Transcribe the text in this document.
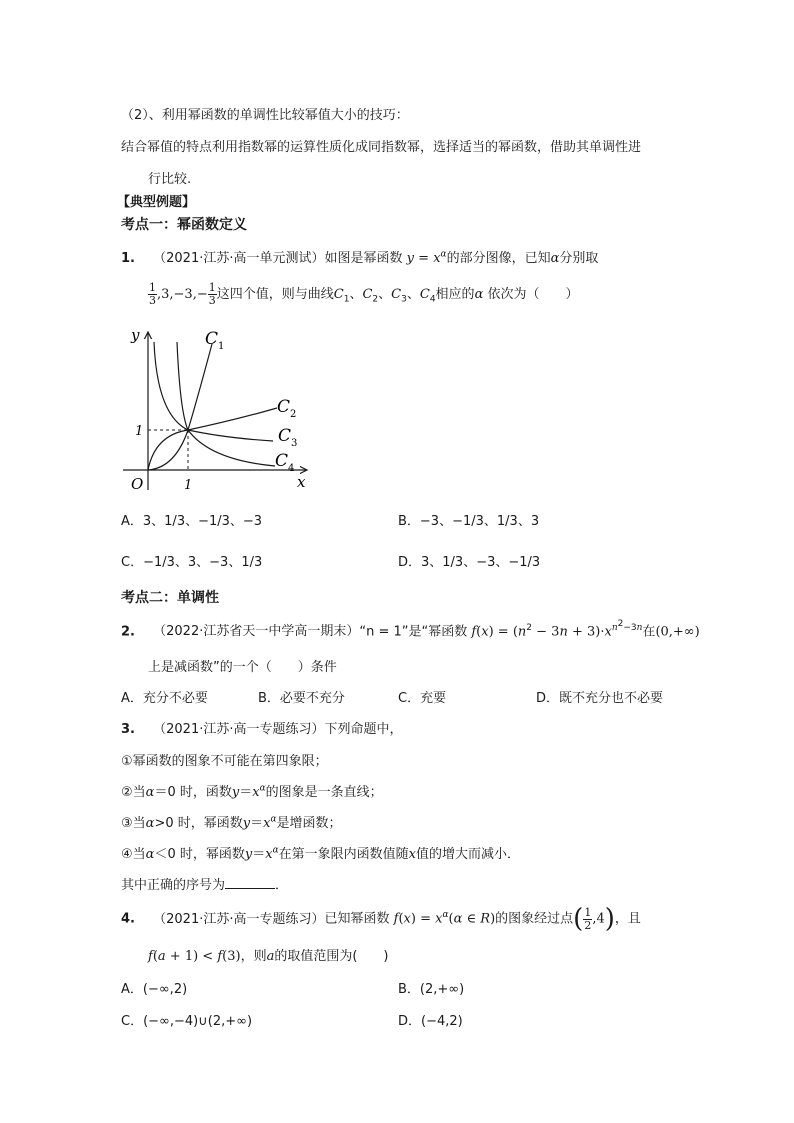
（2）、利用幂函数的单调性比较幂值大小的技巧：
结合幂值的特点利用指数幂的运算性质化成同指数幂，选择适当的幂函数，借助其单调性进
行比较.
【典型例题】
考点一：幂函数定义
1. （2021·江苏·高一单元测试）如图是幂函数 $y = x^\alpha$的部分图像，已知α分别取
$\frac{1}{3} ,3,-3,- \frac{1}{3}$ 这四个值，则与曲线$C_1$、$C_2$、$C_3$、$C_4$相应的α 依次为（　　）
y
x
O	1
1
$C_1$
$C_2$
$C_3$
$C_4$
A．3、1/3、−1/3、−3	B．−3、−1/3、1/3、3
C．−1/3、3、−3、1/3	D．3、1/3、−3、−1/3
考点二：单调性
2. （2022·江苏省天一中学高一期末）“n = 1”是“幂函数 $f(x) = (n^2 - 3n + 3)\cdot x^{n^2-3n}$在(0,+∞)
上是减函数”的一个（　　）条件
A．充分不必要	B．必要不充分	C．充要	D．既不充分也不必要
3. （2021·江苏·高一专题练习）下列命题中，
①幂函数的图象不可能在第四象限；
②当α＝0 时，函数$y=x^\alpha$的图象是一条直线；
③当α>0 时，幂函数$y=x^\alpha$是增函数；
④当α＜0 时，幂函数$y=x^\alpha$在第一象限内函数值随x值的增大而减小．
其中正确的序号为	．
4. （2021·江苏·高一专题练习）已知幂函数 $f(x) = x^\alpha(\alpha$ ∈ R)的图象经过点( $\frac{1}{2} ,4$)，且
f(a + 1) < f(3)，则a的取值范围为(　　)
A．(−∞,2)	B．(2,+∞)
C．(−∞,−4)∪(2,+∞)	D．(−4,2)
